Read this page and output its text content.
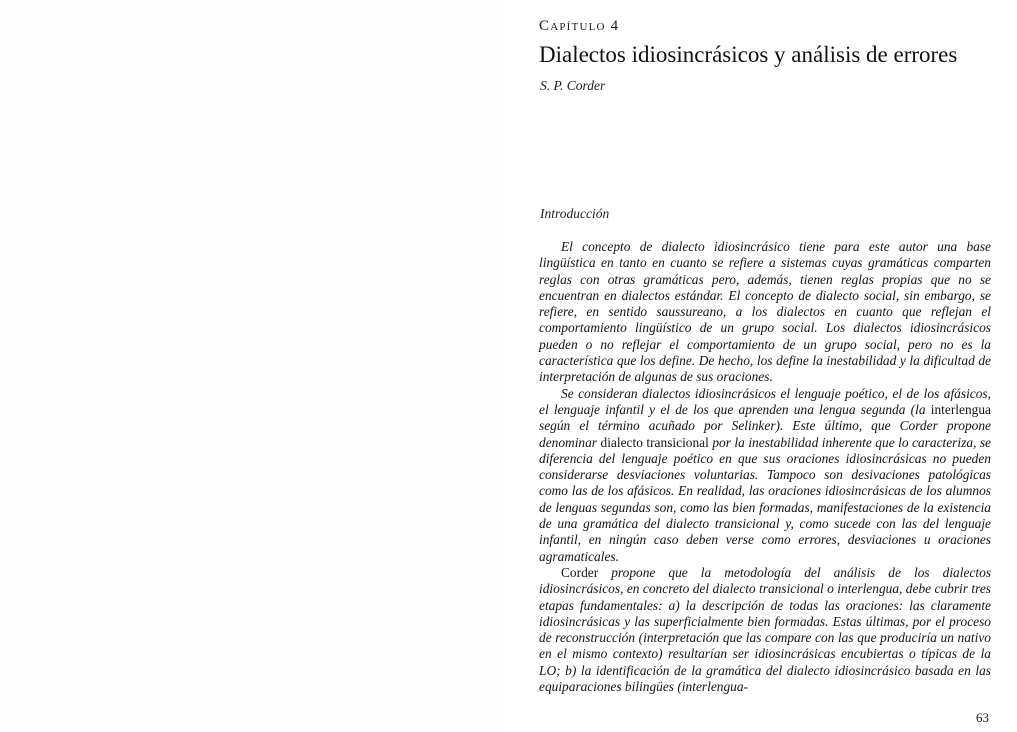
Capítulo 4
Dialectos idiosincrásicos y análisis de errores
S. P. Corder
Introducción

El concepto de dialecto idiosincrásico tiene para este autor una base lingüística en tanto en cuanto se refiere a sistemas cuyas gramáticas comparten reglas con otras gramáticas pero, además, tienen reglas propias que no se encuentran en dialectos estándar. El concepto de dialecto social, sin embargo, se refiere, en sentido saussureano, a los dialectos en cuanto que reflejan el comportamiento lingüístico de un grupo social. Los dialectos idiosincrásicos pueden o no reflejar el comportamiento de un grupo social, pero no es la característica que los define. De hecho, los define la inestabilidad y la dificultad de interpretación de algunas de sus oraciones.

Se consideran dialectos idiosincrásicos el lenguaje poético, el de los afásicos, el lenguaje infantil y el de los que aprenden una lengua segunda (la interlengua según el término acuñado por Selinker). Este último, que Corder propone denominar dialecto transicional por la inestabilidad inherente que lo caracteriza, se diferencia del lenguaje poético en que sus oraciones idiosincrásicas no pueden considerarse desviaciones voluntarias. Tampoco son desivaciones patológicas como las de los afásicos. En realidad, las oraciones idiosincrásicas de los alumnos de lenguas segundas son, como las bien formadas, manifestaciones de la existencia de una gramática del dialecto transicional y, como sucede con las del lenguaje infantil, en ningún caso deben verse como errores, desviaciones u oraciones agramaticales.

Corder propone que la metodología del análisis de los dialectos idiosincrásicos, en concreto del dialecto transicional o interlengua, debe cubrir tres etapas fundamentales: a) la descripción de todas las oraciones: las claramente idiosincrásicas y las superficialmente bien formadas. Estas últimas, por el proceso de reconstrucción (interpretación que las compare con las que produciría un nativo en el mismo contexto) resultarían ser idiosincrásicas encubiertas o típicas de la LO; b) la identificación de la gramática del dialecto idiosincrásico basada en las equiparaciones bilingües (interlengua-

63
